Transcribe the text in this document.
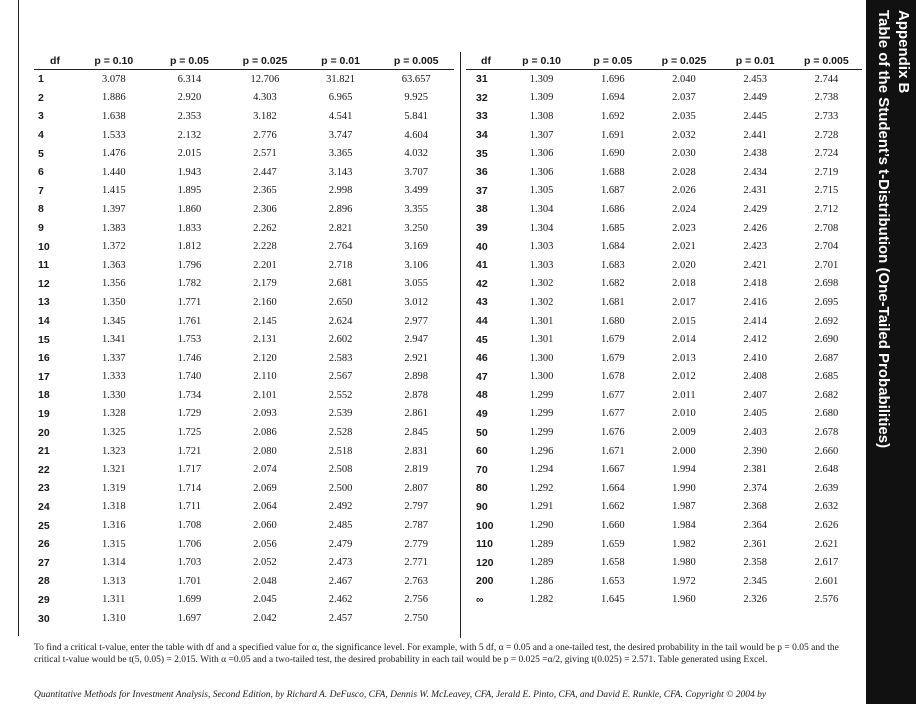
Appendix B
Table of the Student’s t-Distribution (One-Tailed Probabilities)
df	p = 0.10	p = 0.05	p = 0.025	p = 0.01	p = 0.005
1	3.078	6.314	12.706	31.821	63.657
2	1.886	2.920	4.303	6.965	9.925
3	1.638	2.353	3.182	4.541	5.841
4	1.533	2.132	2.776	3.747	4.604
5	1.476	2.015	2.571	3.365	4.032
6	1.440	1.943	2.447	3.143	3.707
7	1.415	1.895	2.365	2.998	3.499
8	1.397	1.860	2.306	2.896	3.355
9	1.383	1.833	2.262	2.821	3.250
10	1.372	1.812	2.228	2.764	3.169
11	1.363	1.796	2.201	2.718	3.106
12	1.356	1.782	2.179	2.681	3.055
13	1.350	1.771	2.160	2.650	3.012
14	1.345	1.761	2.145	2.624	2.977
15	1.341	1.753	2.131	2.602	2.947
16	1.337	1.746	2.120	2.583	2.921
17	1.333	1.740	2.110	2.567	2.898
18	1.330	1.734	2.101	2.552	2.878
19	1.328	1.729	2.093	2.539	2.861
20	1.325	1.725	2.086	2.528	2.845
21	1.323	1.721	2.080	2.518	2.831
22	1.321	1.717	2.074	2.508	2.819
23	1.319	1.714	2.069	2.500	2.807
24	1.318	1.711	2.064	2.492	2.797
25	1.316	1.708	2.060	2.485	2.787
26	1.315	1.706	2.056	2.479	2.779
27	1.314	1.703	2.052	2.473	2.771
28	1.313	1.701	2.048	2.467	2.763
29	1.311	1.699	2.045	2.462	2.756
30	1.310	1.697	2.042	2.457	2.750
df	p = 0.10	p = 0.05	p = 0.025	p = 0.01	p = 0.005
31	1.309	1.696	2.040	2.453	2.744
32	1.309	1.694	2.037	2.449	2.738
33	1.308	1.692	2.035	2.445	2.733
34	1.307	1.691	2.032	2.441	2.728
35	1.306	1.690	2.030	2.438	2.724
36	1.306	1.688	2.028	2.434	2.719
37	1.305	1.687	2.026	2.431	2.715
38	1.304	1.686	2.024	2.429	2.712
39	1.304	1.685	2.023	2.426	2.708
40	1.303	1.684	2.021	2.423	2.704
41	1.303	1.683	2.020	2.421	2.701
42	1.302	1.682	2.018	2.418	2.698
43	1.302	1.681	2.017	2.416	2.695
44	1.301	1.680	2.015	2.414	2.692
45	1.301	1.679	2.014	2.412	2.690
46	1.300	1.679	2.013	2.410	2.687
47	1.300	1.678	2.012	2.408	2.685
48	1.299	1.677	2.011	2.407	2.682
49	1.299	1.677	2.010	2.405	2.680
50	1.299	1.676	2.009	2.403	2.678
60	1.296	1.671	2.000	2.390	2.660
70	1.294	1.667	1.994	2.381	2.648
80	1.292	1.664	1.990	2.374	2.639
90	1.291	1.662	1.987	2.368	2.632
100	1.290	1.660	1.984	2.364	2.626
110	1.289	1.659	1.982	2.361	2.621
120	1.289	1.658	1.980	2.358	2.617
200	1.286	1.653	1.972	2.345	2.601
∞	1.282	1.645	1.960	2.326	2.576
To find a critical t-value, enter the table with df and a specified value for α, the significance level. For example, with 5 df, α = 0.05 and a one-tailed test, the desired probability in the tail would be p = 0.05 and the critical t-value would be t(5, 0.05) = 2.015. With α =0.05 and a two-tailed test, the desired probability in each tail would be p = 0.025 =α/2, giving t(0.025) = 2.571. Table generated using Excel.
Quantitative Methods for Investment Analysis, Second Edition, by Richard A. DeFusco, CFA, Dennis W. McLeavey, CFA, Jerald E. Pinto, CFA, and David E. Runkle, CFA. Copyright © 2004 by
